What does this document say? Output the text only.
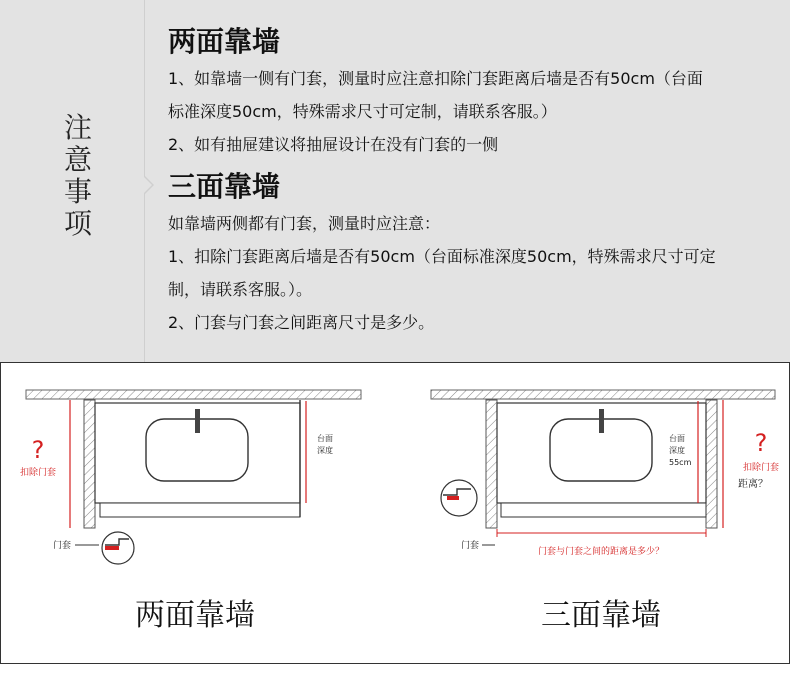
注
意
事
项
两面靠墙
1、如靠墙一侧有门套，测量时应注意扣除门套距离后墙是否有50cm（台面
标准深度50cm，特殊需求尺寸可定制，请联系客服。）
2、如有抽屉建议将抽屉设计在没有门套的一侧
三面靠墙
如靠墙两侧都有门套，测量时应注意：
1、扣除门套距离后墙是否有50cm（台面标准深度50cm，特殊需求尺寸可定
制，请联系客服。）。
2、门套与门套之间距离尺寸是多少。
?
扣除门套
台面
深度
门套
两面靠墙
台面
深度
55cm
?
扣除门套
距离？
门套
门套与门套之间的距离是多少？
三面靠墙
